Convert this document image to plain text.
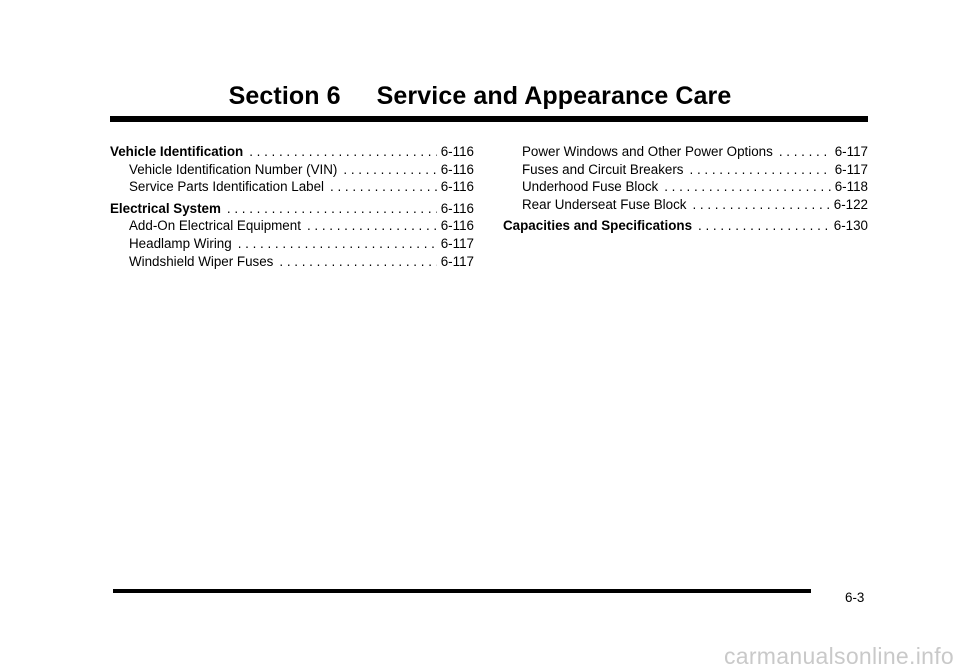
Section 6 Service and Appearance Care
Vehicle Identification . . .	6-116
Vehicle Identification Number (VIN) . . .	6-116
Service Parts Identification Label . . .	6-116
Electrical System . . .	6-116
Add-On Electrical Equipment . . .	6-116
Headlamp Wiring . . .	6-117
Windshield Wiper Fuses . . .	6-117
Power Windows and Other Power Options . . .	6-117
Fuses and Circuit Breakers . . .	6-117
Underhood Fuse Block . . .	6-118
Rear Underseat Fuse Block . . .	6-122
Capacities and Specifications . . .	6-130
6-3
carmanualsonline.info
